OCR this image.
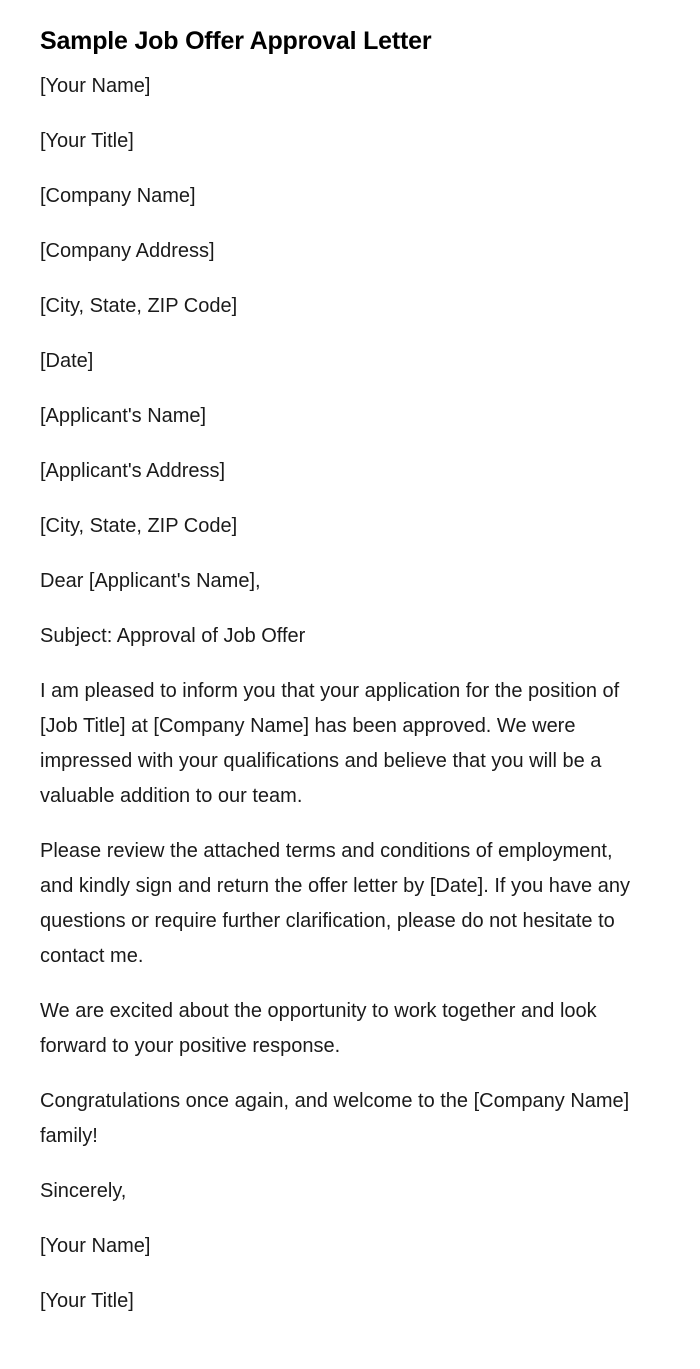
Sample Job Offer Approval Letter

[Your Name]

[Your Title]

[Company Name]

[Company Address]

[City, State, ZIP Code]

[Date]

[Applicant's Name]

[Applicant's Address]

[City, State, ZIP Code]

Dear [Applicant's Name],

Subject: Approval of Job Offer

I am pleased to inform you that your application for the position of [Job Title] at [Company Name] has been approved. We were impressed with your qualifications and believe that you will be a valuable addition to our team.

Please review the attached terms and conditions of employment, and kindly sign and return the offer letter by [Date]. If you have any questions or require further clarification, please do not hesitate to contact me.

We are excited about the opportunity to work together and look forward to your positive response.

Congratulations once again, and welcome to the [Company Name] family!

Sincerely,

[Your Name]

[Your Title]
